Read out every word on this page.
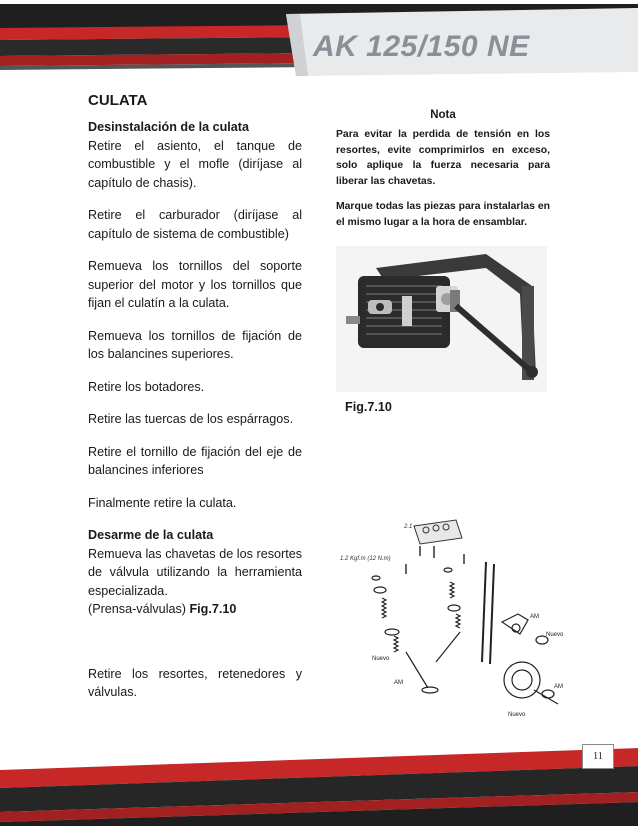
AK 125/150 NE

CULATA

Desinstalación de la culata

Retire el asiento, el tanque de combustible y el mofle (diríjase al capítulo de chasis).

Retire el carburador (diríjase al capítulo de sistema de combustible)

Remueva los tornillos del soporte superior del motor y los tornillos que fijan el culatín a la culata.

Remueva los tornillos de fijación de los balancines superiores.

Retire los botadores.

Retire las tuercas de los espárragos.

Retire el tornillo de fijación del eje de balancines inferiores

Finalmente retire la culata.

Desarme de la culata

Remueva las chavetas de los resortes de válvula utilizando la herramienta especializada.
(Prensa-válvulas) Fig.7.10

Retire los resortes, retenedores y válvulas.

Nota

Para evitar la perdida de tensión en los resortes, evite comprimirlos en exceso, solo aplique la fuerza necesaria para liberar las chavetas.

Marque todas las piezas para instalarlas en el mismo lugar a la hora de ensamblar.

Fig.7.10
2.1
1.2 Kgf.m (12 N.m)
AM
Nuevo
Nuevo
AM
AM
Nuevo
11
